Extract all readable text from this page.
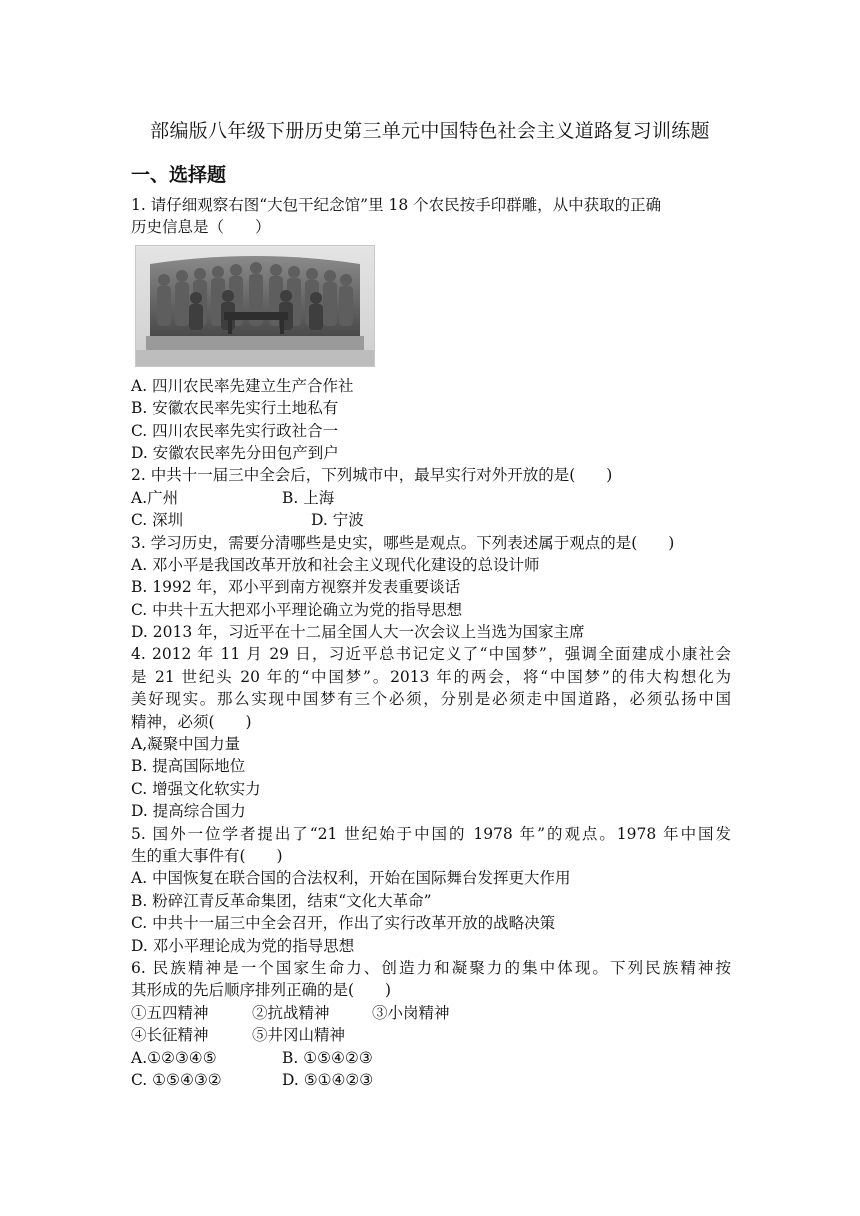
部编版八年级下册历史第三单元中国特色社会主义道路复习训练题
一、选择题
1. 请仔细观察右图“大包干纪念馆”里 18 个农民按手印群雕，从中获取的正确
历史信息是（　　）
A. 四川农民率先建立生产合作社
B. 安徽农民率先实行土地私有
C. 四川农民率先实行政社合一
D. 安徽农民率先分田包产到户
2. 中共十一届三中全会后，下列城市中，最早实行对外开放的是(　　)
A.广州	B. 上海
C. 深圳	D. 宁波
3. 学习历史，需要分清哪些是史实，哪些是观点。下列表述属于观点的是(　　)
A. 邓小平是我国改革开放和社会主义现代化建设的总设计师
B. 1992 年，邓小平到南方视察并发表重要谈话
C. 中共十五大把邓小平理论确立为党的指导思想
D. 2013 年，习近平在十二届全国人大一次会议上当选为国家主席
4. 2012 年 11 月 29 日，习近平总书记定义了“中国梦”，强调全面建成小康社会
是 21 世纪头 20 年的“中国梦”。2013 年的两会，将“中国梦”的伟大构想化为
美好现实。那么实现中国梦有三个必须，分别是必须走中国道路，必须弘扬中国
精神，必须(　　)
A,凝聚中国力量
B. 提高国际地位
C. 增强文化软实力
D. 提高综合国力
5. 国外一位学者提出了“21 世纪始于中国的 1978 年”的观点。1978 年中国发
生的重大事件有(　　)
A. 中国恢复在联合国的合法权利，开始在国际舞台发挥更大作用
B. 粉碎江青反革命集团，结束“文化大革命”
C. 中共十一届三中全会召开，作出了实行改革开放的战略决策
D. 邓小平理论成为党的指导思想
6. 民族精神是一个国家生命力、创造力和凝聚力的集中体现。下列民族精神按
其形成的先后顺序排列正确的是(　　)
①五四精神	②抗战精神	③小岗精神
④长征精神	⑤井冈山精神
A.①②③④⑤	B. ①⑤④②③
C. ①⑤④③②	D. ⑤①④②③
